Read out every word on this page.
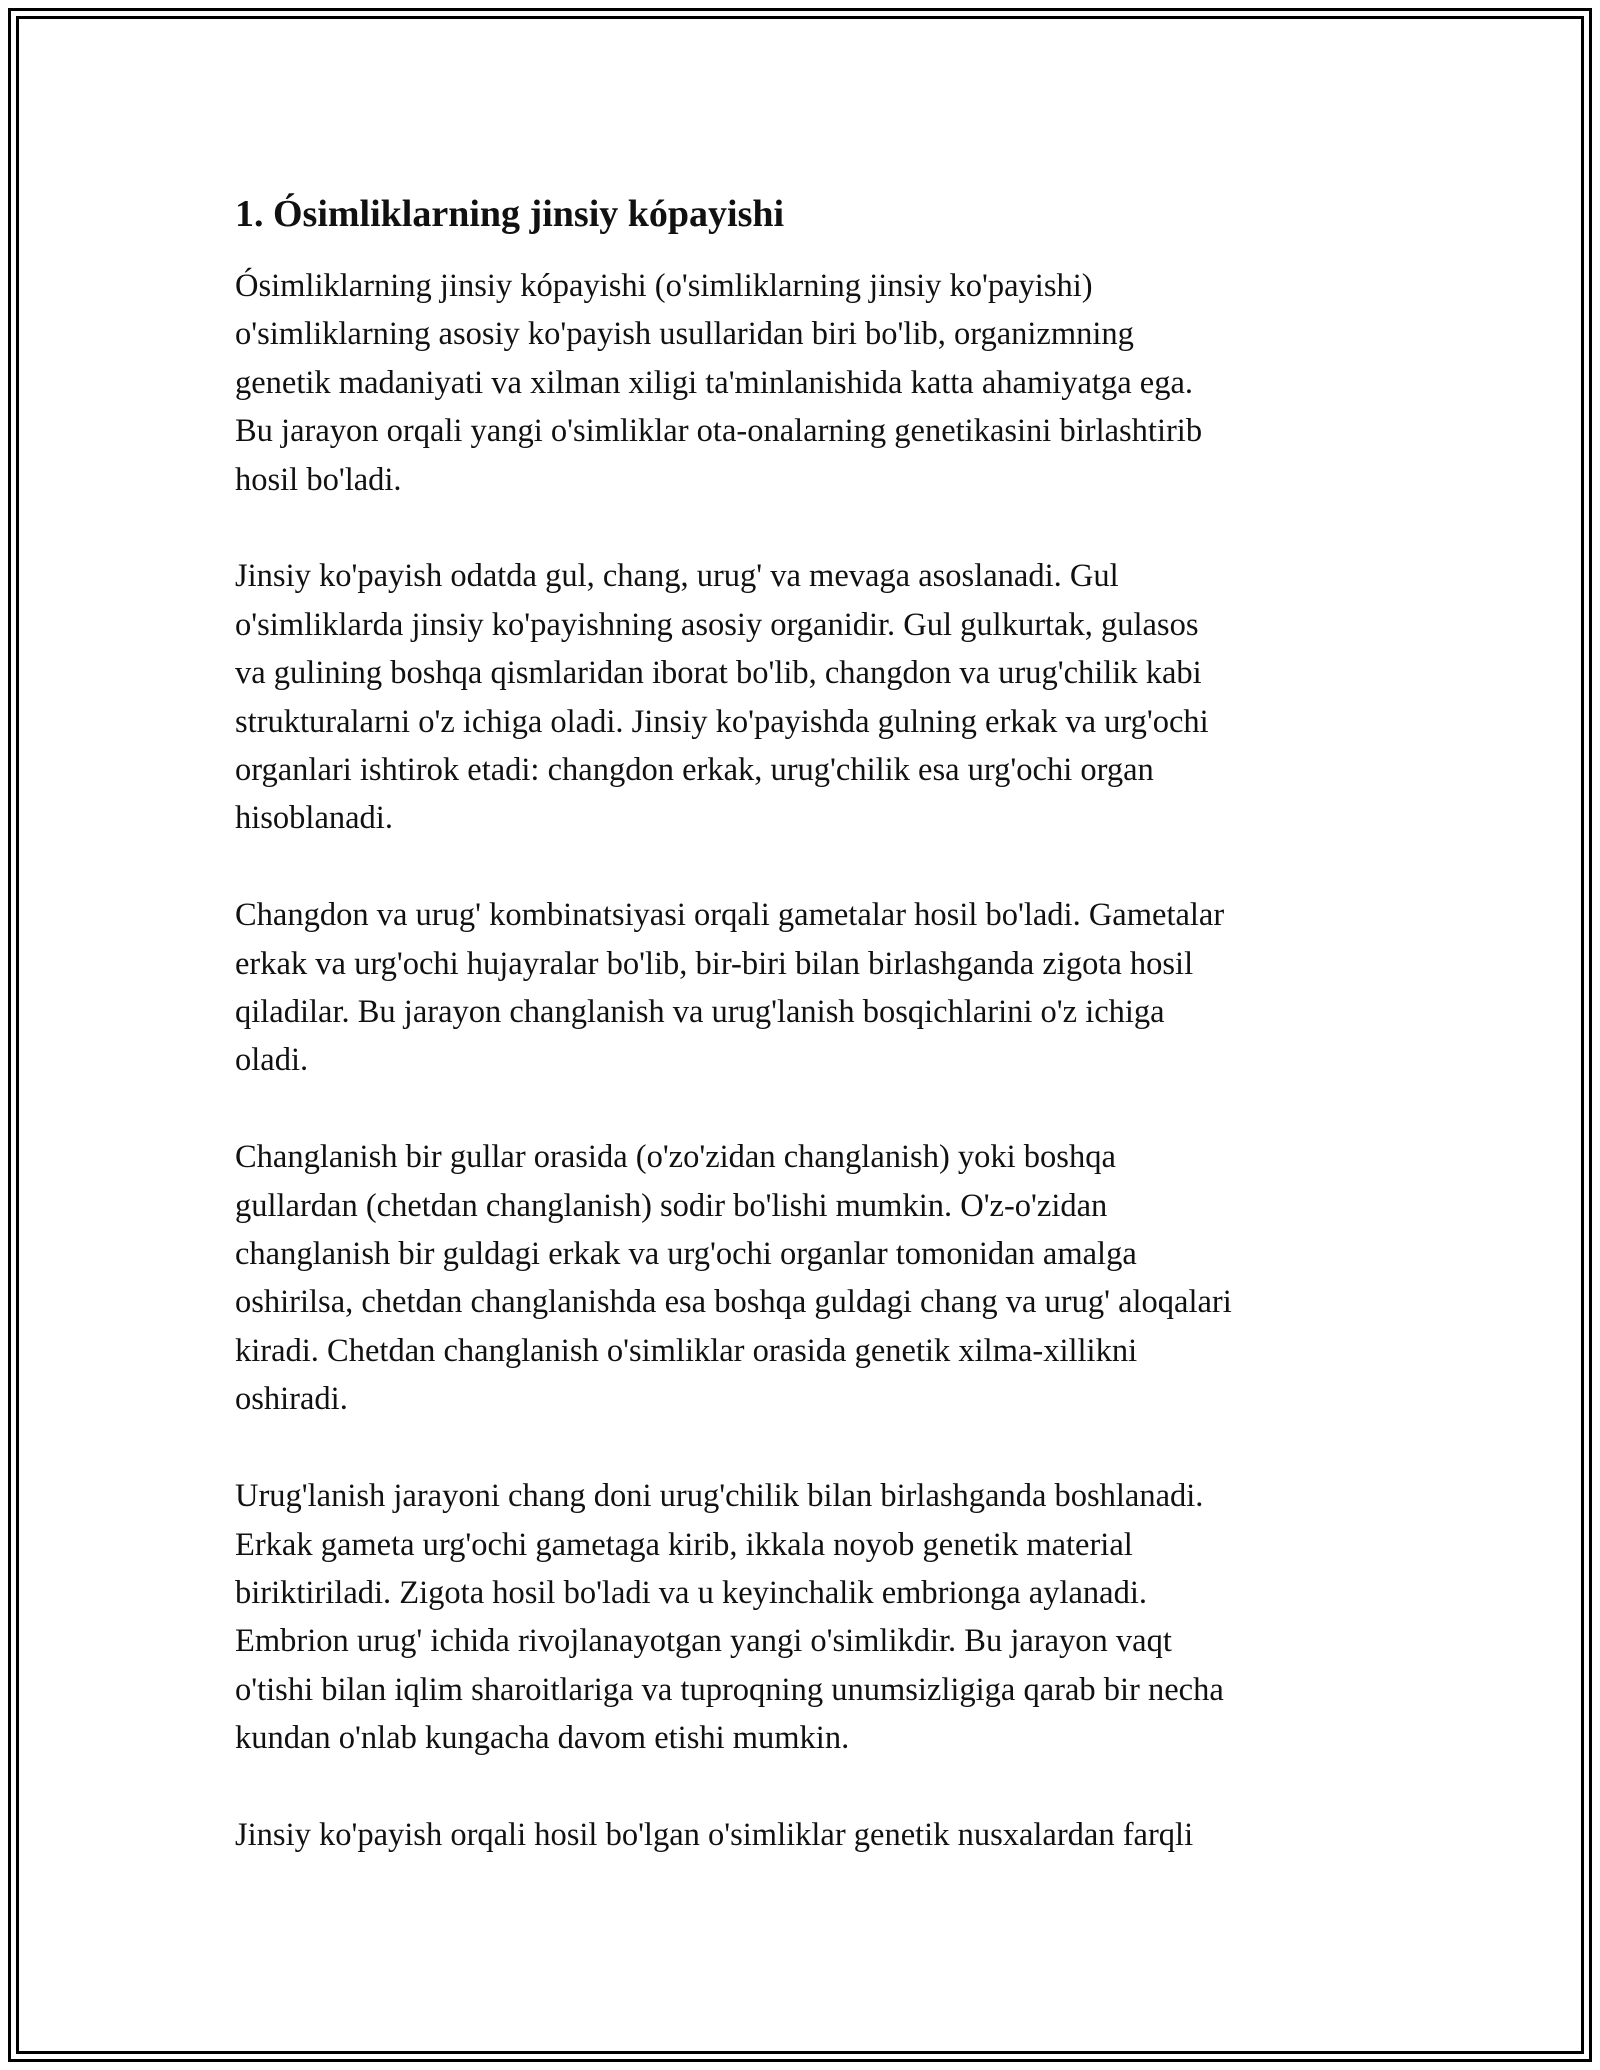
1. Ósimliklarning jinsiy kópayishi
Ósimliklarning jinsiy kópayishi (o'simliklarning jinsiy ko'payishi)
o'simliklarning asosiy ko'payish usullaridan biri bo'lib, organizmning
genetik madaniyati va xilman xiligi ta'minlanishida katta ahamiyatga ega.
Bu jarayon orqali yangi o'simliklar ota-onalarning genetikasini birlashtirib
hosil bo'ladi.
Jinsiy ko'payish odatda gul, chang, urug' va mevaga asoslanadi. Gul
o'simliklarda jinsiy ko'payishning asosiy organidir. Gul gulkurtak, gulasos
va gulining boshqa qismlaridan iborat bo'lib, changdon va urug'chilik kabi
strukturalarni o'z ichiga oladi. Jinsiy ko'payishda gulning erkak va urg'ochi
organlari ishtirok etadi: changdon erkak, urug'chilik esa urg'ochi organ
hisoblanadi.
Changdon va urug' kombinatsiyasi orqali gametalar hosil bo'ladi. Gametalar
erkak va urg'ochi hujayralar bo'lib, bir-biri bilan birlashganda zigota hosil
qiladilar. Bu jarayon changlanish va urug'lanish bosqichlarini o'z ichiga
oladi.
Changlanish bir gullar orasida (o'zo'zidan changlanish) yoki boshqa
gullardan (chetdan changlanish) sodir bo'lishi mumkin. O'z-o'zidan
changlanish bir guldagi erkak va urg'ochi organlar tomonidan amalga
oshirilsa, chetdan changlanishda esa boshqa guldagi chang va urug' aloqalari
kiradi. Chetdan changlanish o'simliklar orasida genetik xilma-xillikni
oshiradi.
Urug'lanish jarayoni chang doni urug'chilik bilan birlashganda boshlanadi.
Erkak gameta urg'ochi gametaga kirib, ikkala noyob genetik material
biriktiriladi. Zigota hosil bo'ladi va u keyinchalik embrionga aylanadi.
Embrion urug' ichida rivojlanayotgan yangi o'simlikdir. Bu jarayon vaqt
o'tishi bilan iqlim sharoitlariga va tuproqning unumsizligiga qarab bir necha
kundan o'nlab kungacha davom etishi mumkin.
Jinsiy ko'payish orqali hosil bo'lgan o'simliklar genetik nusxalardan farqli
